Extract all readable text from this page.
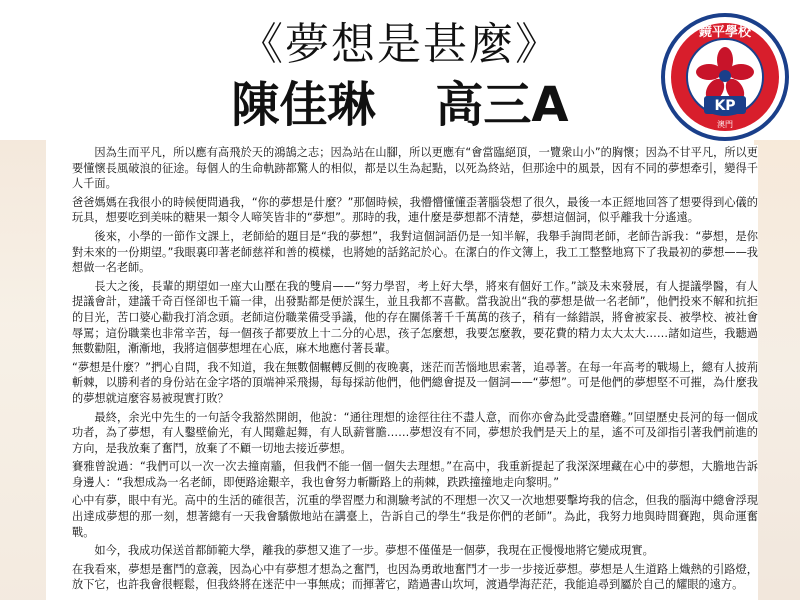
《夢想是甚麼》
陳佳琳 高三A
鏡平學校
KP
澳門

因為生而平凡，所以應有高飛於天的鴻鵠之志；因為站在山腳，所以更應有“會當臨絕頂，一覽衆山小”的胸懷；因為不甘平凡，所以更要懂懷長風破浪的征途。每個人的生命軌跡都驚人的相似，都是以生為起點，以死為終站，但那途中的風景，因有不同的夢想牽引，變得千人千面。

爸爸媽媽在我很小的時候便問過我，“你的夢想是什麼？”那個時候，我懵懵懂懂歪著腦袋想了很久，最後一本正經地回答了想要得到心儀的玩具，想要吃到美味的糖果一類令人啼笑皆非的“夢想”。那時的我，連什麼是夢想都不清楚，夢想這個詞，似乎離我十分遙遠。

後來，小學的一節作文課上，老師給的題目是“我的夢想”，我對這個詞語仍是一知半解，我舉手詢問老師，老師告訴我：“夢想，是你對未來的一份期望。”我眼裏印著老師慈祥和善的模樣，也將她的話銘記於心。在潔白的作文簿上，我工工整整地寫下了我最初的夢想——我想做一名老師。

長大之後，長輩的期望如一座大山壓在我的雙肩——“努力學習，考上好大學，將來有個好工作。”談及未來發展，有人提議學醫，有人提議會計，建議千奇百怪卻也千篇一律，出發點都是便於謀生，並且我都不喜歡。當我說出“我的夢想是做一名老師”，他們投來不解和抗拒的目光，苦口婆心勸我打消念頭。老師這份職業備受爭議，他的存在關係著千千萬萬的孩子，稍有一絲錯誤，將會被家長、被學校、被社會辱罵；這份職業也非常辛苦，每一個孩子都要放上十二分的心思，孩子怎麼想，我要怎麼教，要花費的精力太大太大……諸如這些，我聽過無數勸阻，漸漸地，我將這個夢想埋在心底，麻木地應付著長輩。

“夢想是什麼？”捫心自問，我不知道，我在無數個輾轉反側的夜晚裏，迷茫而苦惱地思索著，追尋著。在每一年高考的戰場上，總有人披荊斬棘，以勝利者的身份站在金字塔的頂端神采飛揚，每每採訪他們，他們總會提及一個詞——“夢想”。可是他們的夢想堅不可摧，為什麼我的夢想就這麼容易被現實打敗？

最終，余光中先生的一句話令我豁然開朗，他說：“通往理想的途徑往往不盡人意，而你亦會為此受盡磨難。”回望歷史長河的每一個成功者，為了夢想，有人鑿壁偷光，有人聞雞起舞，有人臥薪嘗膽……夢想沒有不同，夢想於我們是天上的星，遙不可及卻指引著我們前進的方向，是我放棄了奮鬥，放棄了不顧一切地去接近夢想。

賽雅曾說過：“我們可以一次一次去撞南牆，但我們不能一個一個失去理想。”在高中，我重新提起了我深深埋藏在心中的夢想，大膽地告訴身邊人：“我想成為一名老師，即便路途艱辛，我也會努力斬斷路上的荊棘，跌跌撞撞地走向黎明。”

心中有夢，眼中有光。高中的生活的確很苦，沉重的學習壓力和測驗考試的不理想一次又一次地想要擊垮我的信念，但我的腦海中總會浮現出達成夢想的那一刻，想著總有一天我會驕傲地站在講臺上，告訴自己的學生“我是你們的老師”。為此，我努力地與時間賽跑，與命運奮戰。

如今，我成功保送首都師範大學，離我的夢想又進了一步。夢想不僅僅是一個夢，我現在正慢慢地將它變成現實。

在我看來，夢想是奮鬥的意義，因為心中有夢想才想為之奮鬥，也因為勇敢地奮鬥才一步一步接近夢想。夢想是人生道路上熾熱的引路燈，放下它，也許我會很輕鬆，但我終將在迷茫中一事無成；而揮著它，踏過書山坎坷，渡過學海茫茫，我能追尋到屬於自己的耀眼的遠方。
